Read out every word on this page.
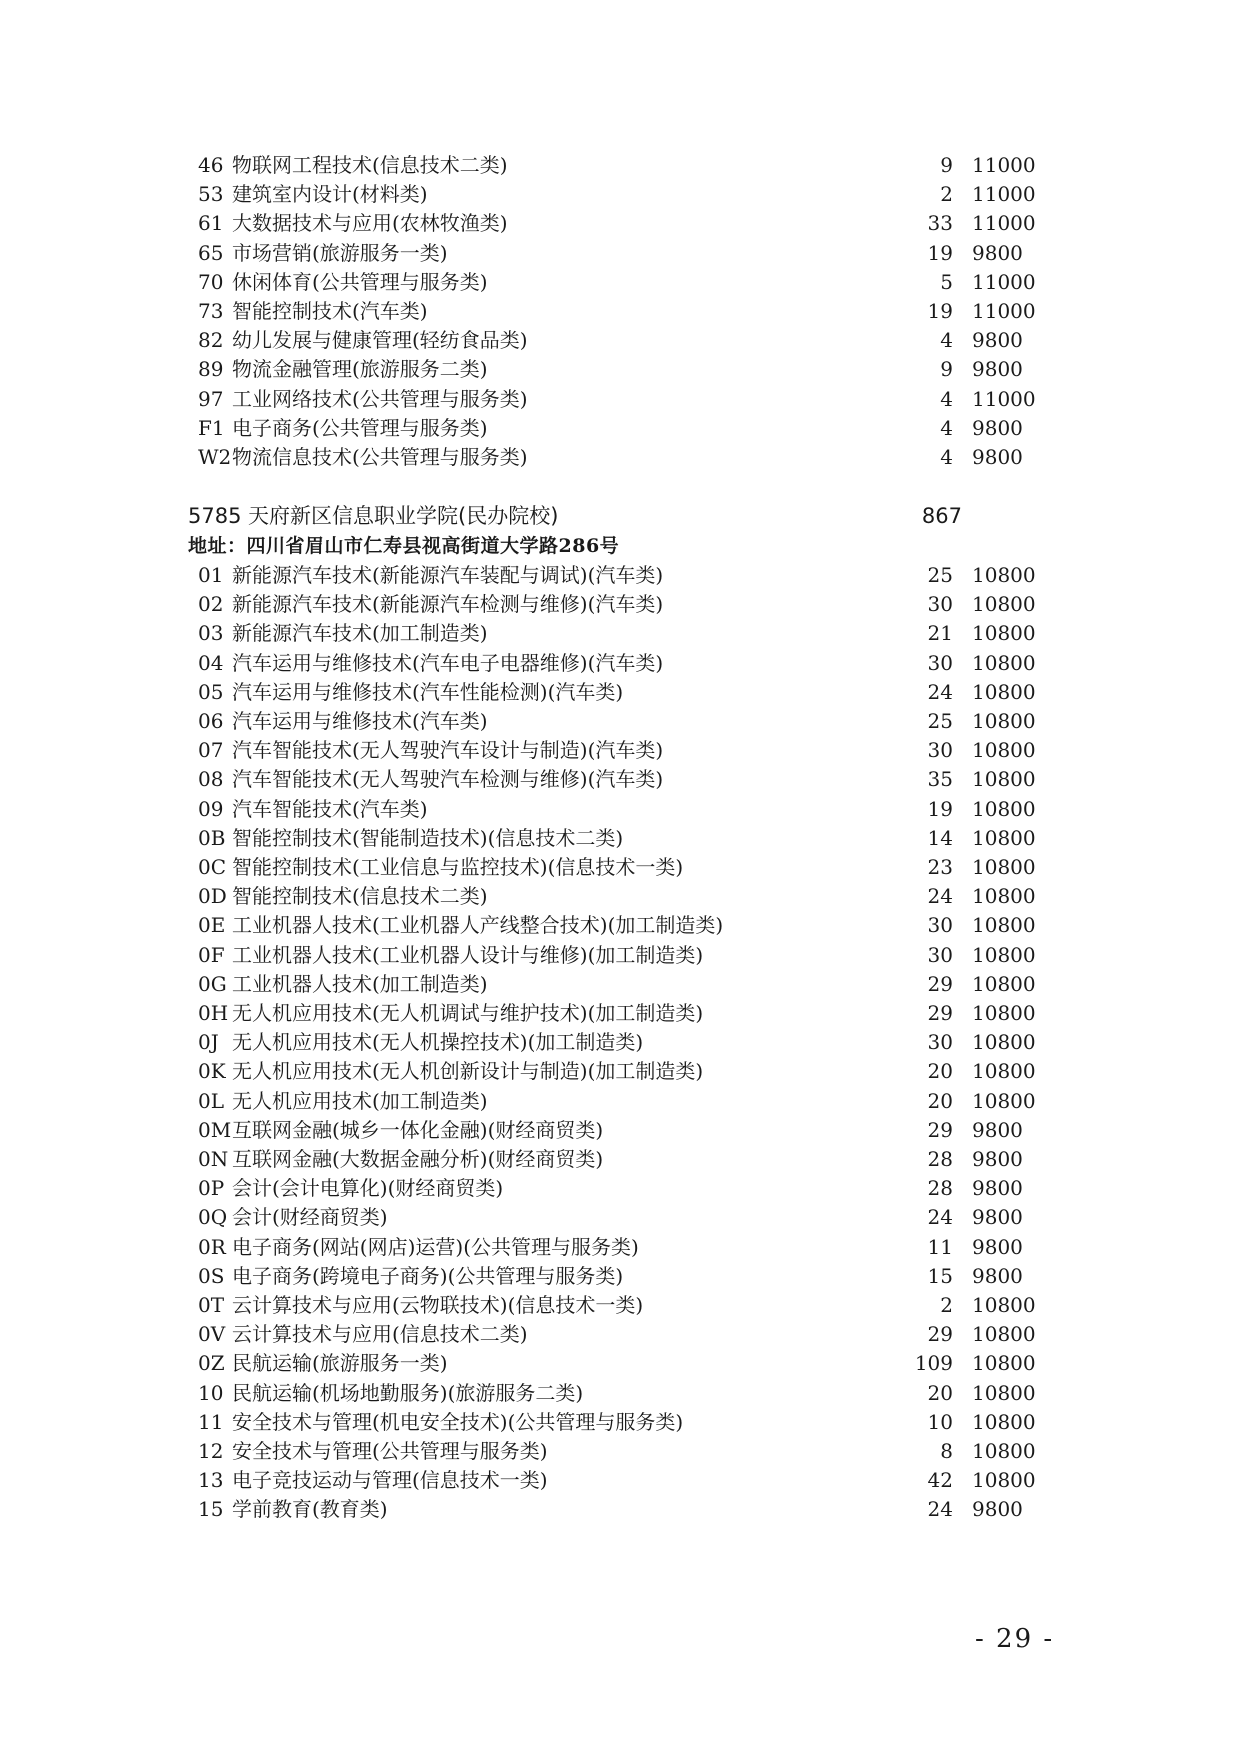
46 物联网工程技术(信息技术二类)	9 11000
53 建筑室内设计(材料类)	2 11000
61 大数据技术与应用(农林牧渔类)	33 11000
65 市场营销(旅游服务一类)	19 9800
70 休闲体育(公共管理与服务类)	5 11000
73 智能控制技术(汽车类)	19 11000
82 幼儿发展与健康管理(轻纺食品类)	4 9800
89 物流金融管理(旅游服务二类)	9 9800
97 工业网络技术(公共管理与服务类)	4 11000
F1 电子商务(公共管理与服务类)	4 9800
W2 物流信息技术(公共管理与服务类)	4 9800
5785 天府新区信息职业学院(民办院校)	867
地址：四川省眉山市仁寿县视高街道大学路286号
01 新能源汽车技术(新能源汽车装配与调试)(汽车类)	25 10800
02 新能源汽车技术(新能源汽车检测与维修)(汽车类)	30 10800
03 新能源汽车技术(加工制造类)	21 10800
04 汽车运用与维修技术(汽车电子电器维修)(汽车类)	30 10800
05 汽车运用与维修技术(汽车性能检测)(汽车类)	24 10800
06 汽车运用与维修技术(汽车类)	25 10800
07 汽车智能技术(无人驾驶汽车设计与制造)(汽车类)	30 10800
08 汽车智能技术(无人驾驶汽车检测与维修)(汽车类)	35 10800
09 汽车智能技术(汽车类)	19 10800
0B 智能控制技术(智能制造技术)(信息技术二类)	14 10800
0C 智能控制技术(工业信息与监控技术)(信息技术一类)	23 10800
0D 智能控制技术(信息技术二类)	24 10800
0E 工业机器人技术(工业机器人产线整合技术)(加工制造类)	30 10800
0F 工业机器人技术(工业机器人设计与维修)(加工制造类)	30 10800
0G 工业机器人技术(加工制造类)	29 10800
0H 无人机应用技术(无人机调试与维护技术)(加工制造类)	29 10800
0J 无人机应用技术(无人机操控技术)(加工制造类)	30 10800
0K 无人机应用技术(无人机创新设计与制造)(加工制造类)	20 10800
0L 无人机应用技术(加工制造类)	20 10800
0M 互联网金融(城乡一体化金融)(财经商贸类)	29 9800
0N 互联网金融(大数据金融分析)(财经商贸类)	28 9800
0P 会计(会计电算化)(财经商贸类)	28 9800
0Q 会计(财经商贸类)	24 9800
0R 电子商务(网站(网店)运营)(公共管理与服务类)	11 9800
0S 电子商务(跨境电子商务)(公共管理与服务类)	15 9800
0T 云计算技术与应用(云物联技术)(信息技术一类)	2 10800
0V 云计算技术与应用(信息技术二类)	29 10800
0Z 民航运输(旅游服务一类)	109 10800
10 民航运输(机场地勤服务)(旅游服务二类)	20 10800
11 安全技术与管理(机电安全技术)(公共管理与服务类)	10 10800
12 安全技术与管理(公共管理与服务类)	8 10800
13 电子竞技运动与管理(信息技术一类)	42 10800
15 学前教育(教育类)	24 9800
- 29 -
